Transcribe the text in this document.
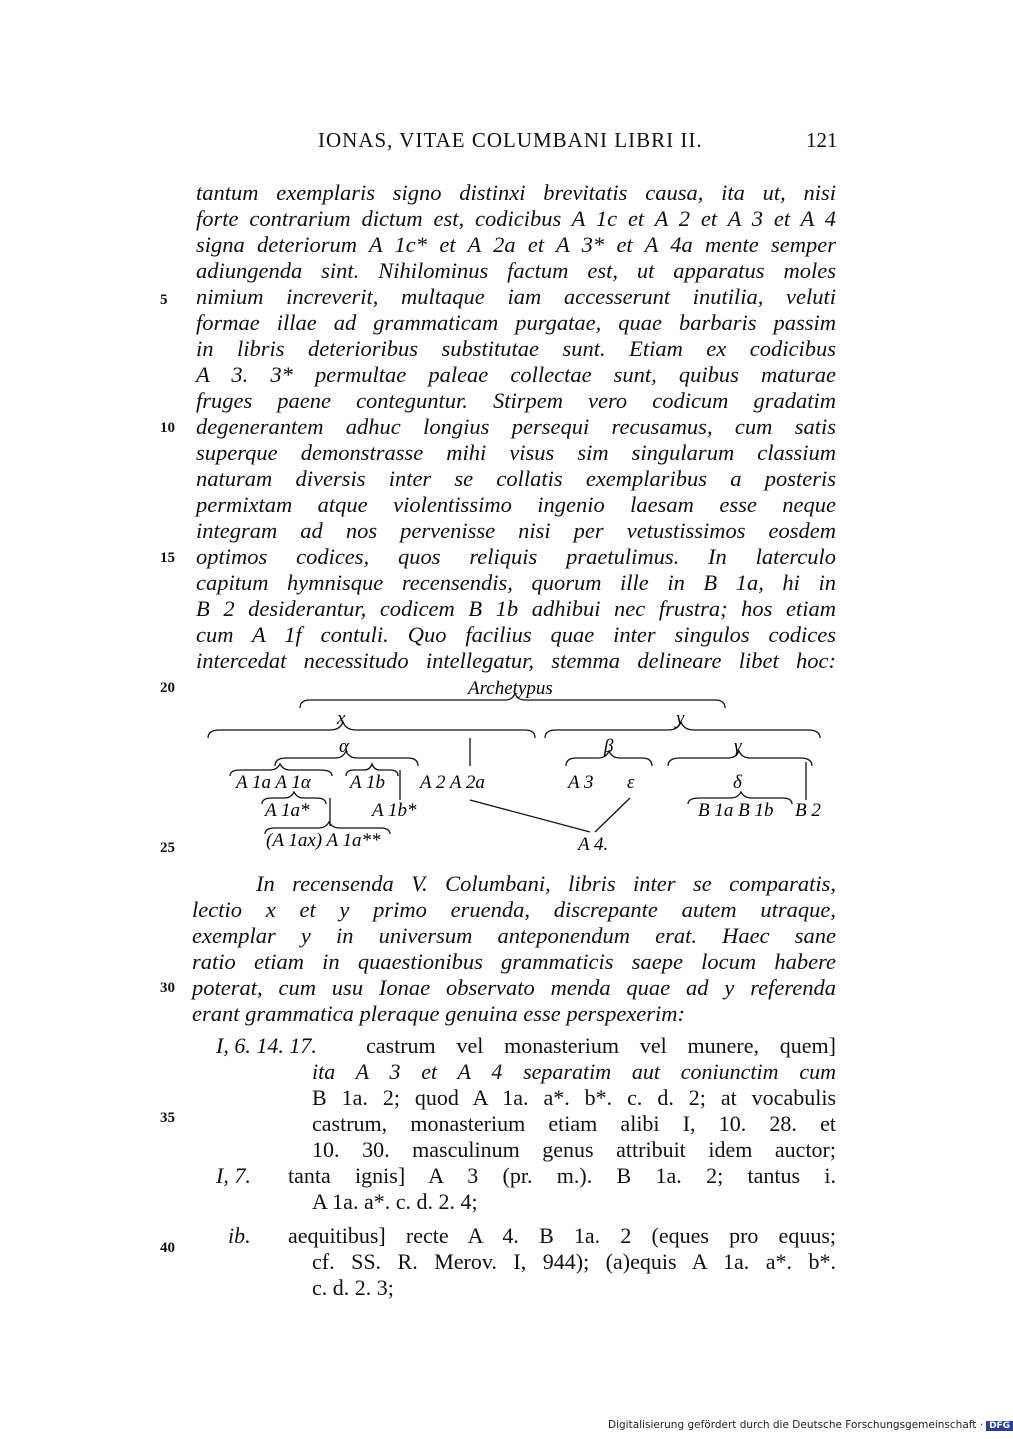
IONAS, VITAE COLUMBANI LIBRI II.	121
tantum exemplaris signo distinxi brevitatis causa, ita ut, nisi
forte contrarium dictum est, codicibus A 1c et A 2 et A 3 et A 4
signa deteriorum A 1c* et A 2a et A 3* et A 4a mente semper
adiungenda sint. Nihilominus factum est, ut apparatus moles
nimium increverit, multaque iam accesserunt inutilia, veluti
formae illae ad grammaticam purgatae, quae barbaris passim
in libris deterioribus substitutae sunt. Etiam ex codicibus
A 3. 3* permultae paleae collectae sunt, quibus maturae
fruges paene conteguntur. Stirpem vero codicum gradatim
degenerantem adhuc longius persequi recusamus, cum satis
superque demonstrasse mihi visus sim singularum classium
naturam diversis inter se collatis exemplaribus a posteris
permixtam atque violentissimo ingenio laesam esse neque
integram ad nos pervenisse nisi per vetustissimos eosdem
optimos codices, quos reliquis praetulimus. In laterculo
capitum hymnisque recensendis, quorum ille in B 1a, hi in
B 2 desiderantur, codicem B 1b adhibui nec frustra; hos etiam
cum A 1f contuli. Quo facilius quae inter singulos codices
intercedat necessitudo intellegatur, stemma delineare libet hoc:
5
10
15
20
25
30
35
40
Archetypus
x	y
α	β	γ
ε	δ
A 1a A 1α A 1b A 2 A 2a	A 3
B 1a B 1b B 2
A 1a*	A 1b*
(A 1ax) A 1a**	A 4.
In recensenda V. Columbani, libris inter se comparatis,
lectio x et y primo eruenda, discrepante autem utraque,
exemplar y in universum anteponendum erat. Haec sane
ratio etiam in quaestionibus grammaticis saepe locum habere
poterat, cum usu Ionae observato menda quae ad y referenda
erant grammatica pleraque genuina esse perspexerim:
I, 6. 14. 17. castrum vel monasterium vel munere, quem]
ita A 3 et A 4 separatim aut coniunctim cum
B 1a. 2; quod A 1a. a*. b*. c. d. 2; at vocabulis
castrum, monasterium etiam alibi I, 10. 28. et
10. 30. masculinum genus attribuit idem auctor;
I, 7. tanta ignis] A 3 (pr. m.). B 1a. 2; tantus i.
A 1a. a*. c. d. 2. 4;
ib. aequitibus] recte A 4. B 1a. 2 (eques pro equus;
cf. SS. R. Merov. I, 944); (a)equis A 1a. a*. b*.
c. d. 2. 3;
Digitalisierung gefördert durch die Deutsche Forschungsgemeinschaft · DFG
